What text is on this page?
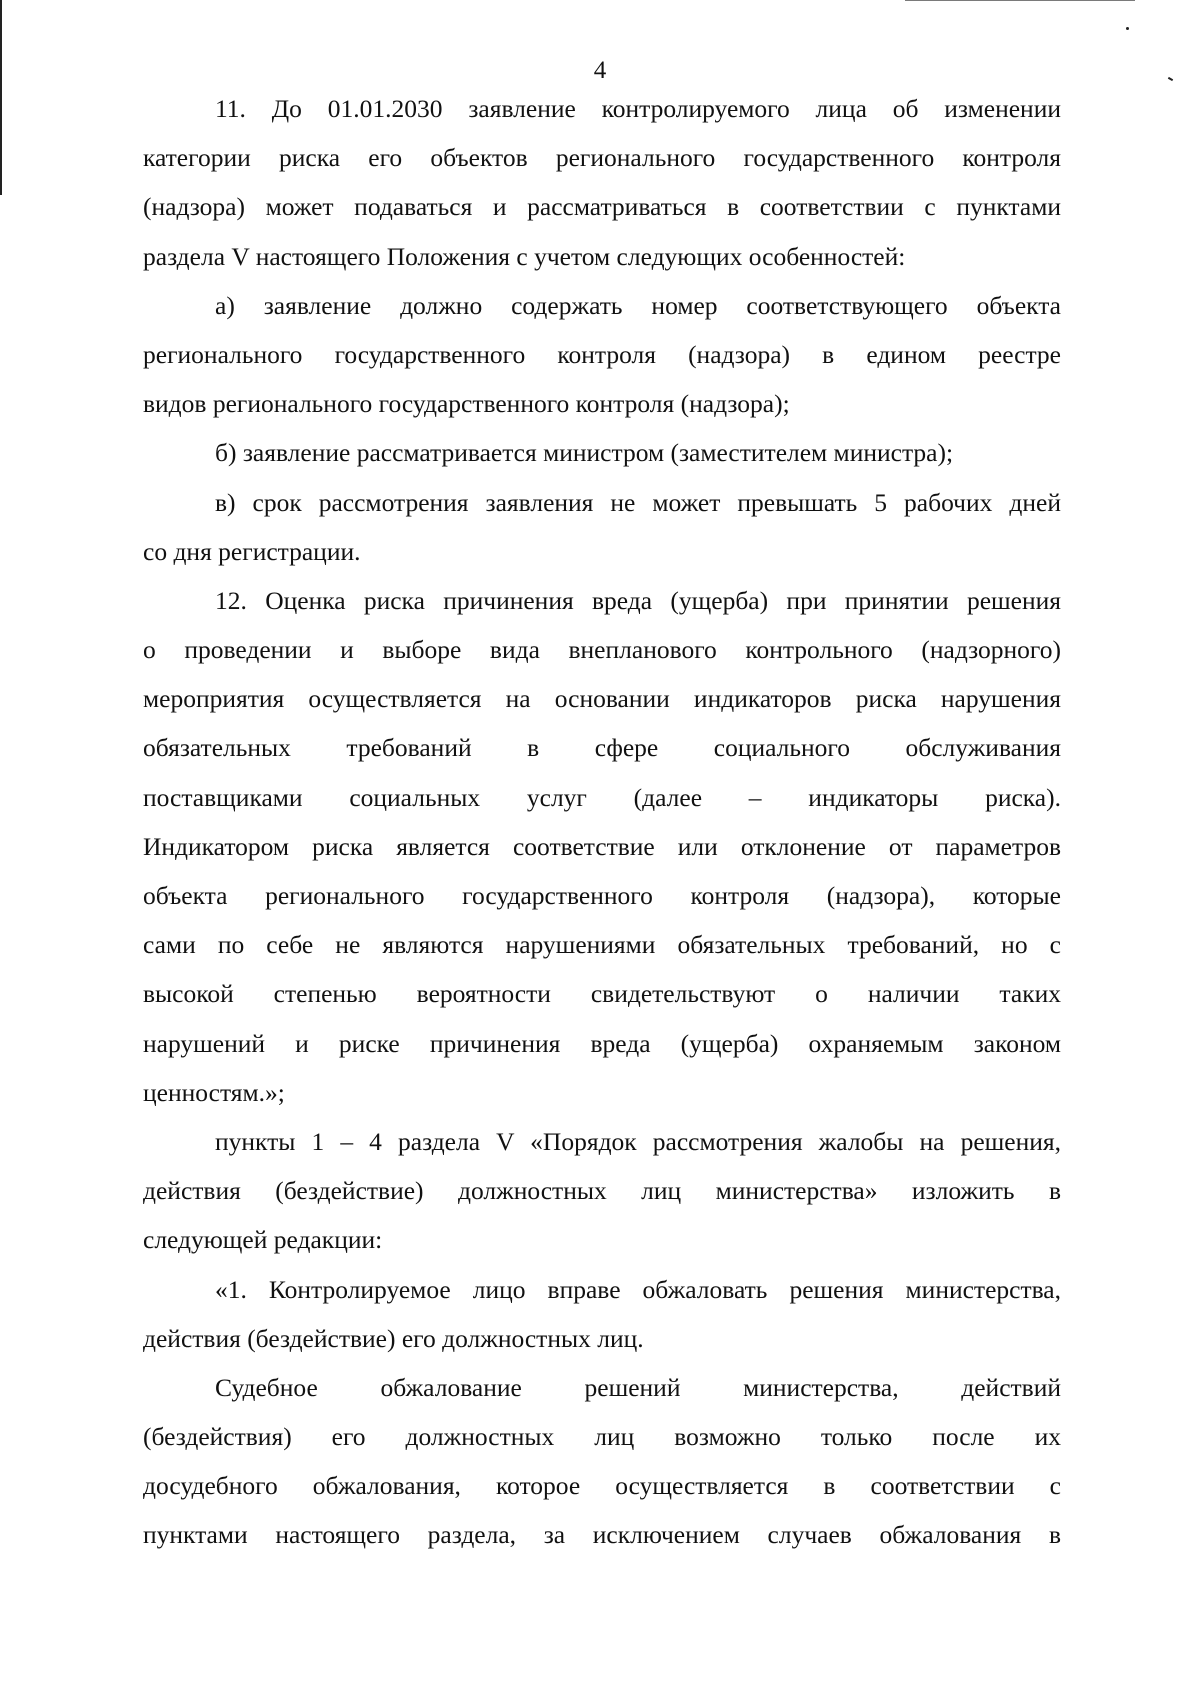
4
11. До 01.01.2030 заявление контролируемого лица об изменении
категории риска его объектов регионального государственного контроля
(надзора) может подаваться и рассматриваться в соответствии с пунктами
раздела V настоящего Положения с учетом следующих особенностей:
а) заявление должно содержать номер соответствующего объекта
регионального государственного контроля (надзора) в едином реестре
видов регионального государственного контроля (надзора);
б) заявление рассматривается министром (заместителем министра);
в) срок рассмотрения заявления не может превышать 5 рабочих дней
со дня регистрации.
12. Оценка риска причинения вреда (ущерба) при принятии решения
о проведении и выборе вида внепланового контрольного (надзорного)
мероприятия осуществляется на основании индикаторов риска нарушения
обязательных требований в сфере социального обслуживания
поставщиками социальных услуг (далее – индикаторы риска).
Индикатором риска является соответствие или отклонение от параметров
объекта регионального государственного контроля (надзора), которые
сами по себе не являются нарушениями обязательных требований, но с
высокой степенью вероятности свидетельствуют о наличии таких
нарушений и риске причинения вреда (ущерба) охраняемым законом
ценностям.»;
пункты 1 – 4 раздела V «Порядок рассмотрения жалобы на решения,
действия (бездействие) должностных лиц министерства» изложить в
следующей редакции:
«1. Контролируемое лицо вправе обжаловать решения министерства,
действия (бездействие) его должностных лиц.
Судебное обжалование решений министерства, действий
(бездействия) его должностных лиц возможно только после их
досудебного обжалования, которое осуществляется в соответствии с
пунктами настоящего раздела, за исключением случаев обжалования в
